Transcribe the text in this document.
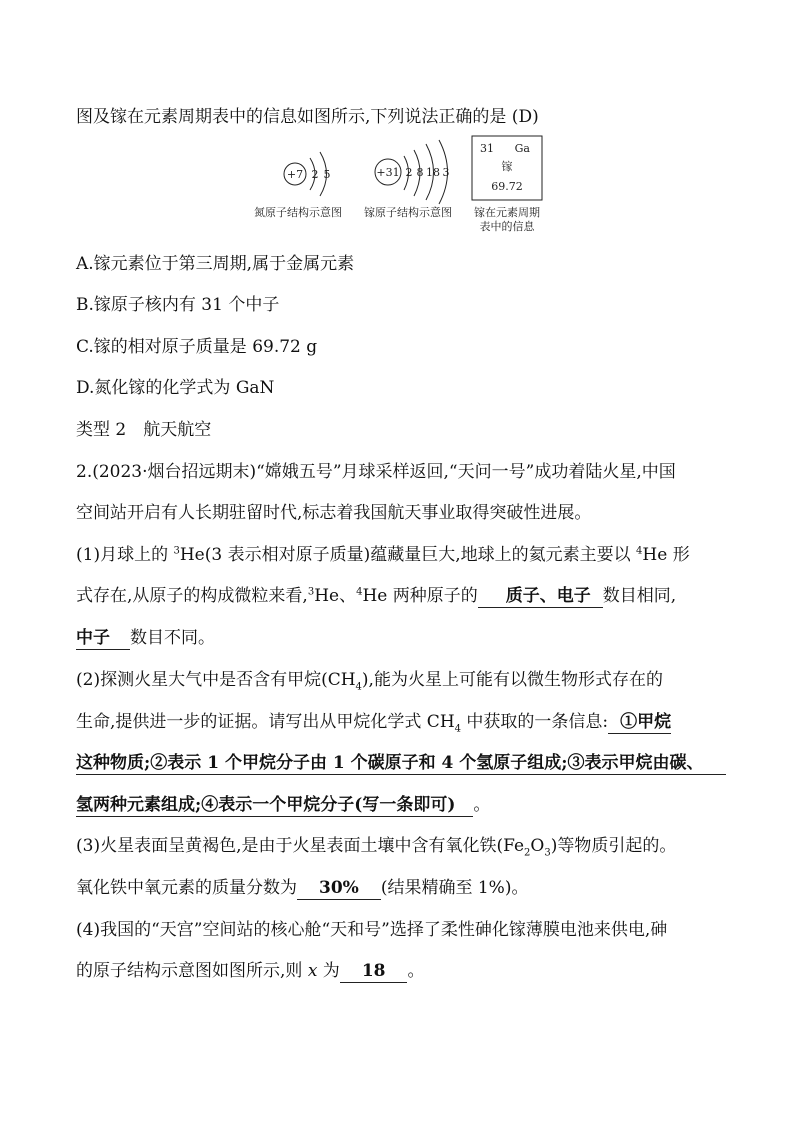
图及镓在元素周期表中的信息如图所示,下列说法正确的是 (D)
+7 2 5	+31 2 8 18 3
31 Ga
镓
69.72
氮原子结构示意图 镓原子结构示意图 镓在元素周期
表中的信息
A.镓元素位于第三周期,属于金属元素
B.镓原子核内有 31 个中子
C.镓的相对原子质量是 69.72 g
D.氮化镓的化学式为 GaN
类型 2　航天航空
2.(2023·烟台招远期末)“嫦娥五号”月球采样返回,“天问一号”成功着陆火星,中国
空间站开启有人长期驻留时代,标志着我国航天事业取得突破性进展。
(1)月球上的 $^3$He(3 表示相对原子质量)蕴藏量巨大,地球上的氦元素主要以 $^4$He 形
式存在,从原子的构成微粒来看,$^3$He、$^4$He 两种原子的 质子、电子 数目相同,
中子 数目不同。
(2)探测火星大气中是否含有甲烷$(CH_4)$,能为火星上可能有以微生物形式存在的
生命,提供进一步的证据。请写出从甲烷化学式 $CH_4$ 中获取的一条信息: ①甲烷
这种物质;②表示 1 个甲烷分子由 1 个碳原子和 4 个氢原子组成;③表示甲烷由碳、
氢两种元素组成;④表示一个甲烷分子(写一条即可) 。
(3)火星表面呈黄褐色,是由于火星表面土壤中含有氧化铁$(Fe_2O_3)$等物质引起的。
氧化铁中氧元素的质量分数为 30% (结果精确至 1%)。
(4)我国的“天宫”空间站的核心舱“天和号”选择了柔性砷化镓薄膜电池来供电,砷
的原子结构示意图如图所示,则 x 为 18 。
